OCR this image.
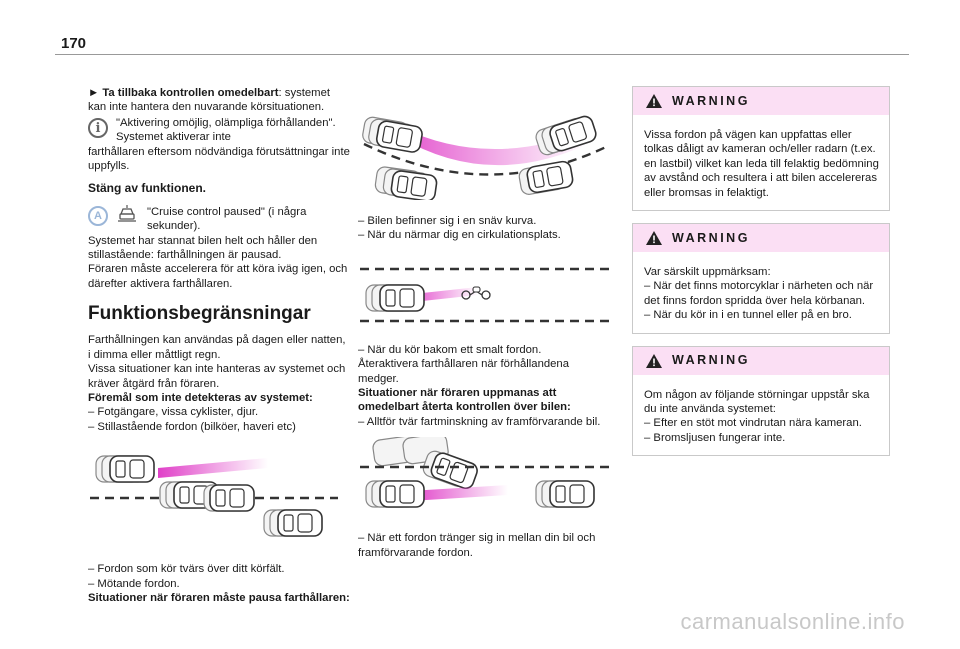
170

► Ta tillbaka kontrollen omedelbart: systemet kan inte hantera den nuvarande körsituationen.

i	"Aktivering omöjlig, olämpliga förhållanden". Systemet aktiverar inte

farthållaren eftersom nödvändiga förutsättningar inte uppfylls.

Stäng av funktionen.

A	"Cruise control paused" (i några sekunder).

Systemet har stannat bilen helt och håller den stillastående: farthållningen är pausad.

Föraren måste accelerera för att köra iväg igen, och därefter aktivera farthållaren.

Funktionsbegränsningar

Farthållningen kan användas på dagen eller natten, i dimma eller måttligt regn.

Vissa situationer kan inte hanteras av systemet och kräver åtgärd från föraren.

Föremål som inte detekteras av systemet:

– Fotgängare, vissa cyklister, djur.

– Stillastående fordon (bilköer, haveri etc)

– Fordon som kör tvärs över ditt körfält.

– Mötande fordon.

Situationer när föraren måste pausa farthållaren:

– Bilen befinner sig i en snäv kurva.

– När du närmar dig en cirkulationsplats.

– När du kör bakom ett smalt fordon.

Återaktivera farthållaren när förhållandena medger.

Situationer när föraren uppmanas att omedelbart återta kontrollen över bilen:

– Alltför tvär fartminskning av framförvarande bil.

– När ett fordon tränger sig in mellan din bil och framförvarande fordon.

WARNING

Vissa fordon på vägen kan uppfattas eller tolkas dåligt av kameran och/eller radarn (t.ex. en lastbil) vilket kan leda till felaktig bedömning av avstånd och resultera i att bilen accelereras eller bromsas in felaktigt.

WARNING

Var särskilt uppmärksam:

– När det finns motorcyklar i närheten och när det finns fordon spridda över hela körbanan.

– När du kör in i en tunnel eller på en bro.

WARNING

Om någon av följande störningar uppstår ska du inte använda systemet:

– Efter en stöt mot vindrutan nära kameran.

– Bromsljusen fungerar inte.

carmanualsonline.info
